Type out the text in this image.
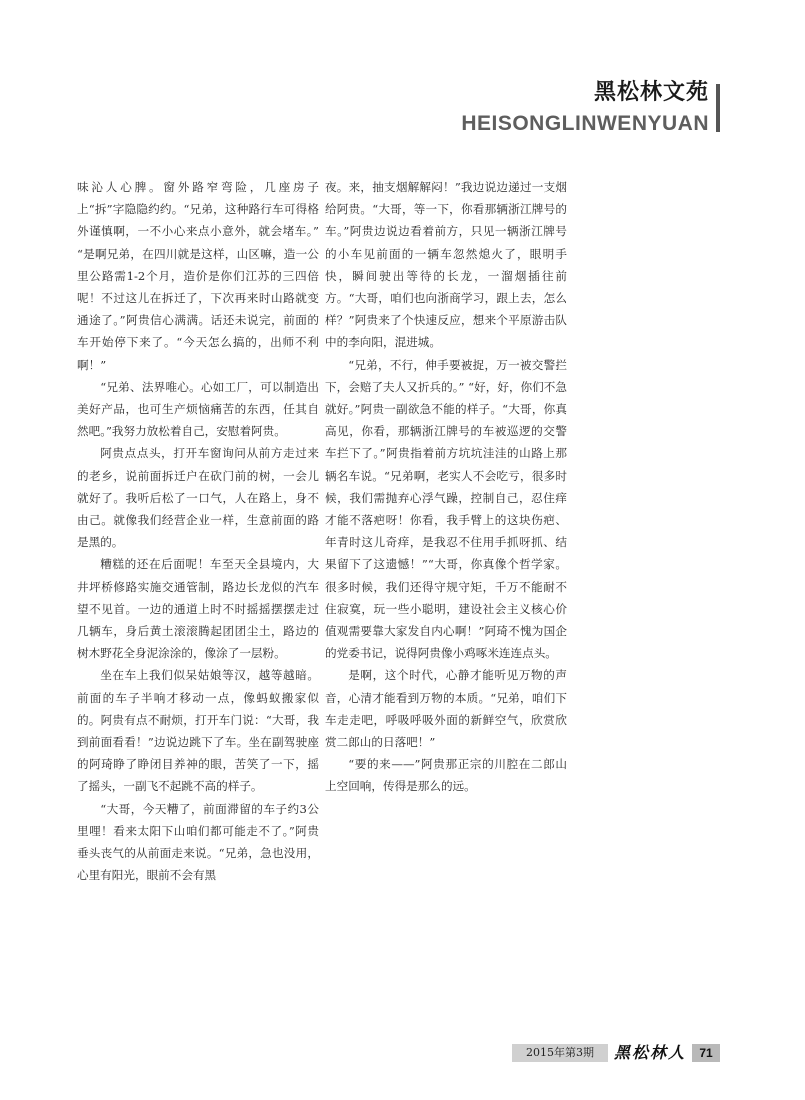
黑松林文苑
HEISONGLINWENYUAN

味沁人心脾。窗外路窄弯险，几座房子上“拆”字隐隐约约。“兄弟，这种路行车可得格外谨慎啊，一不小心来点小意外，就会堵车。” “是啊兄弟，在四川就是这样，山区嘛，造一公里公路需1-2个月，造价是你们江苏的三四倍呢！不过这儿在拆迁了，下次再来时山路就变通途了。”阿贵信心满满。话还未说完，前面的车开始停下来了。“今天怎么搞的，出师不利啊！”

“兄弟、法界唯心。心如工厂，可以制造出美好产品，也可生产烦恼痛苦的东西，任其自然吧。”我努力放松着自己，安慰着阿贵。

阿贵点点头，打开车窗询问从前方走过来的老乡，说前面拆迁户在砍门前的树，一会儿就好了。我听后松了一口气，人在路上，身不由己。就像我们经营企业一样，生意前面的路是黑的。

糟糕的还在后面呢！车至天全县境内，大井坪桥修路实施交通管制，路边长龙似的汽车望不见首。一边的通道上时不时摇摇摆摆走过几辆车，身后黄土滚滚腾起团团尘土，路边的树木野花全身泥涂涂的，像涂了一层粉。

坐在车上我们似呆姑娘等汉，越等越暗。前面的车子半响才移动一点，像蚂蚁搬家似的。阿贵有点不耐烦，打开车门说：“大哥，我到前面看看！”边说边跳下了车。坐在副驾驶座的阿琦睁了睁闭目养神的眼，苦笑了一下，摇了摇头，一副飞不起跳不高的样子。

“大哥，今天糟了，前面滞留的车子约3公里哩！看来太阳下山咱们都可能走不了。”阿贵垂头丧气的从前面走来说。“兄弟，急也没用，心里有阳光，眼前不会有黑

夜。来，抽支烟解解闷！”我边说边递过一支烟给阿贵。“大哥，等一下，你看那辆浙江牌号的车。”阿贵边说边看着前方，只见一辆浙江牌号的小车见前面的一辆车忽然熄火了，眼明手快，瞬间驶出等待的长龙，一溜烟插往前方。“大哥，咱们也向浙商学习，跟上去，怎么样？”阿贵来了个快速反应，想来个平原游击队中的李向阳，混进城。

“兄弟，不行，伸手要被捉，万一被交警拦下，会赔了夫人又折兵的。” “好，好，你们不急就好。”阿贵一副欲急不能的样子。“大哥，你真高见，你看，那辆浙江牌号的车被巡逻的交警车拦下了。”阿贵指着前方坑坑洼洼的山路上那辆名车说。“兄弟啊，老实人不会吃亏，很多时候，我们需抛弃心浮气躁，控制自己，忍住痒才能不落疤呀！你看，我手臂上的这块伤疤、年青时这儿奇痒，是我忍不住用手抓呀抓、结果留下了这遗憾！”“大哥，你真像个哲学家。很多时候，我们还得守规守矩，千万不能耐不住寂寞，玩一些小聪明，建设社会主义核心价值观需要靠大家发自内心啊！”阿琦不愧为国企的党委书记，说得阿贵像小鸡啄米连连点头。

是啊，这个时代，心静才能听见万物的声音，心清才能看到万物的本质。“兄弟，咱们下车走走吧，呼吸呼吸外面的新鲜空气，欣赏欣赏二郎山的日落吧！”

“要的来——”阿贵那正宗的川腔在二郎山上空回响，传得是那么的远。

2015年第3期	黑松林人	71
